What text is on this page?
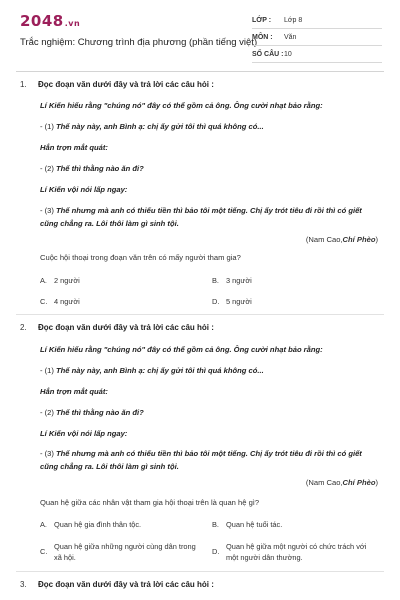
2048.vn
Trắc nghiệm: Chương trình địa phương (phần tiếng việt)
LỚP :	Lớp 8
MÔN :	Văn
SỐ CÂU : 10
1. Đọc đoạn văn dưới đây và trả lời các câu hỏi :
Lí Kiến hiểu rằng "chúng nó" đây có thể gồm cả ông. Ông cười nhạt bảo rằng:
- (1) Thế này này, anh Bình ạ: chị ấy gửi tôi thì quá không có...
Hắn trợn mắt quát:
- (2) Thế thì thằng nào ăn đi?
Lí Kiến vội nói lấp ngay:
- (3) Thế nhưng mà anh có thiếu tiền thì bảo tôi một tiếng. Chị ấy trót tiêu đi rồi thì có giết
cũng chẳng ra. Lôi thôi làm gì sinh tội.
(Nam Cao,Chí Phèo)
Cuộc hội thoại trong đoạn văn trên có mấy người tham gia?
A. 2 người	B. 3 người
C. 4 người	D. 5 người
2. Đọc đoạn văn dưới đây và trả lời các câu hỏi :
Lí Kiến hiểu rằng "chúng nó" đây có thể gồm cả ông. Ông cười nhạt bảo rằng:
- (1) Thế này này, anh Bình ạ: chị ấy gửi tôi thì quá không có...
Hắn trợn mắt quát:
- (2) Thế thì thằng nào ăn đi?
Lí Kiến vội nói lấp ngay:
- (3) Thế nhưng mà anh có thiếu tiền thì bảo tôi một tiếng. Chị ấy trót tiêu đi rồi thì có giết
cũng chẳng ra. Lôi thôi làm gì sinh tội.
(Nam Cao,Chí Phèo)
Quan hệ giữa các nhân vật tham gia hội thoại trên là quan hệ gì?
A. Quan hệ gia đình thân tộc.	B. Quan hệ tuổi tác.
C.Quan hệ giữa những người cùng dân trong
xã hội.
D.Quan hệ giữa một người có chức trách với
một người dân thường.
3. Đọc đoạn văn dưới đây và trả lời các câu hỏi :
